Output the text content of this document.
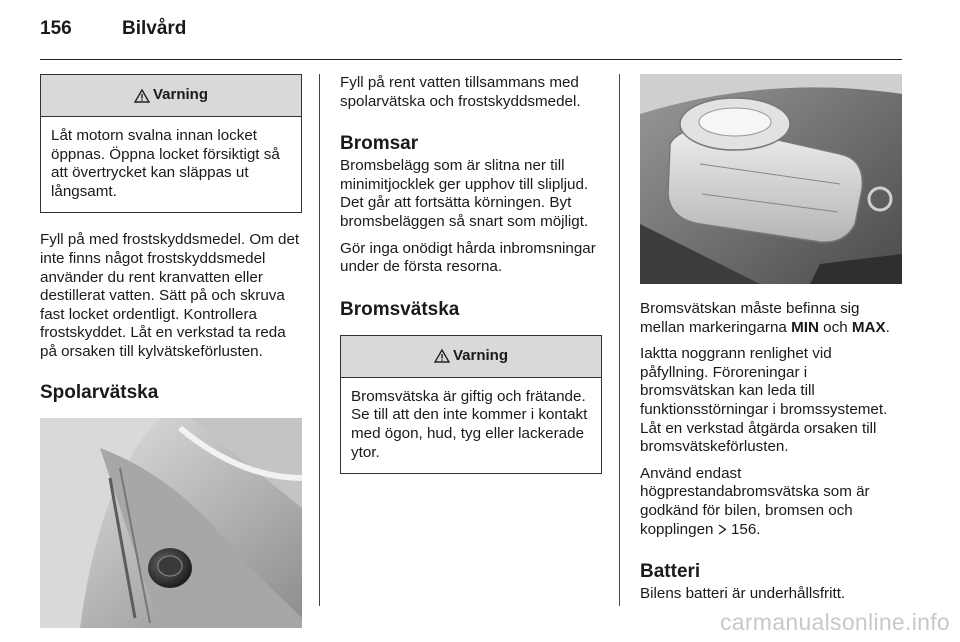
156	Bilvård
Varning
Låt motorn svalna innan locket öppnas. Öppna locket försiktigt så att övertrycket kan släppas ut långsamt.

Fyll på med frostskyddsmedel. Om det inte finns något frostskyddsmedel använder du rent kranvatten eller destillerat vatten. Sätt på och skruva fast locket ordentligt. Kontrollera frostskyddet. Låt en verkstad ta reda på orsaken till kylvätskeförlusten.

Spolarvätska

Fyll på rent vatten tillsammans med spolarvätska och frostskyddsmedel.

Bromsar

Bromsbelägg som är slitna ner till minimitjocklek ger upphov till slipljud. Det går att fortsätta körningen. Byt bromsbeläggen så snart som möjligt.

Gör inga onödigt hårda inbromsningar under de första resorna.

Bromsvätska
Varning
Bromsvätska är giftig och frätande. Se till att den inte kommer i kontakt med ögon, hud, tyg eller lackerade ytor.

Bromsvätskan måste befinna sig mellan markeringarna MIN och MAX.

Iaktta noggrann renlighet vid påfyllning. Föroreningar i bromsvätskan kan leda till funktionsstörningar i bromssystemet. Låt en verkstad åtgärda orsaken till bromsvätskeförlusten.

Använd endast högprestandabromsvätska som är godkänd för bilen, bromsen och kopplingen 156.

Batteri

Bilens batteri är underhållsfritt.

carmanualsonline.info
